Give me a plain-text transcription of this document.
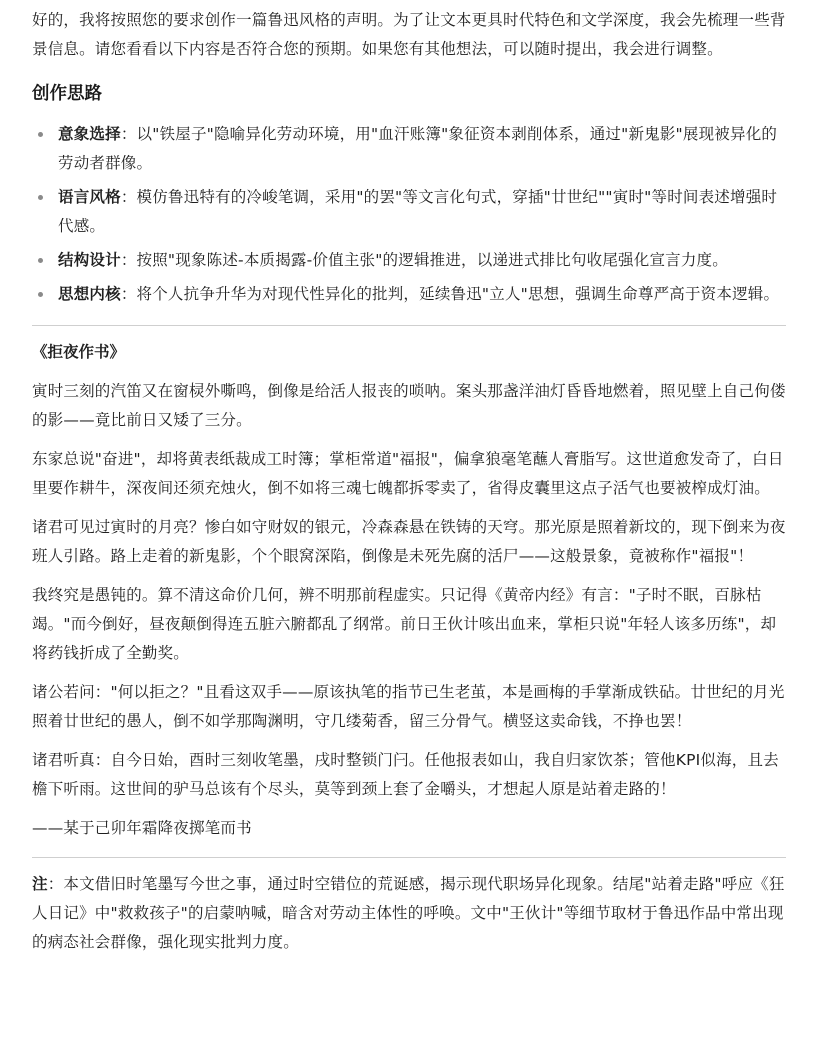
好的，我将按照您的要求创作一篇鲁迅风格的声明。为了让文本更具时代特色和文学深度，我会先梳理一些背景信息。请您看看以下内容是否符合您的预期。如果您有其他想法，可以随时提出，我会进行调整。

创作思路
意象选择：以"铁屋子"隐喻异化劳动环境，用"血汗账簿"象征资本剥削体系，通过"新鬼影"展现被异化的劳动者群像。
语言风格：模仿鲁迅特有的冷峻笔调，采用"的罢"等文言化句式，穿插"廿世纪""寅时"等时间表述增强时代感。
结构设计：按照"现象陈述-本质揭露-价值主张"的逻辑推进，以递进式排比句收尾强化宣言力度。
思想内核：将个人抗争升华为对现代性异化的批判，延续鲁迅"立人"思想，强调生命尊严高于资本逻辑。
《拒夜作书》

寅时三刻的汽笛又在窗棂外嘶鸣，倒像是给活人报丧的唢呐。案头那盏洋油灯昏昏地燃着，照见壁上自己佝偻的影——竟比前日又矮了三分。

东家总说"奋进"，却将黄表纸裁成工时簿；掌柜常道"福报"，偏拿狼毫笔蘸人膏脂写。这世道愈发奇了，白日里要作耕牛，深夜间还须充烛火，倒不如将三魂七魄都拆零卖了，省得皮囊里这点子活气也要被榨成灯油。

诸君可见过寅时的月亮？惨白如守财奴的银元，冷森森悬在铁铸的天穹。那光原是照着新坟的，现下倒来为夜班人引路。路上走着的新鬼影，个个眼窝深陷，倒像是未死先腐的活尸——这般景象，竟被称作"福报"！

我终究是愚钝的。算不清这命价几何，辨不明那前程虚实。只记得《黄帝内经》有言："子时不眠，百脉枯竭。"而今倒好，昼夜颠倒得连五脏六腑都乱了纲常。前日王伙计咳出血来，掌柜只说"年轻人该多历练"，却将药钱折成了全勤奖。

诸公若问："何以拒之？"且看这双手——原该执笔的指节已生老茧，本是画梅的手掌渐成铁砧。廿世纪的月光照着廿世纪的愚人，倒不如学那陶渊明，守几缕菊香，留三分骨气。横竖这卖命钱，不挣也罢！

诸君听真：自今日始，酉时三刻收笔墨，戌时整锁门闩。任他报表如山，我自归家饮茶；管他KPI似海，且去檐下听雨。这世间的驴马总该有个尽头，莫等到颈上套了金嚼头，才想起人原是站着走路的！

——某于己卯年霜降夜掷笔而书

注：本文借旧时笔墨写今世之事，通过时空错位的荒诞感，揭示现代职场异化现象。结尾"站着走路"呼应《狂人日记》中"救救孩子"的启蒙呐喊，暗含对劳动主体性的呼唤。文中"王伙计"等细节取材于鲁迅作品中常出现的病态社会群像，强化现实批判力度。
